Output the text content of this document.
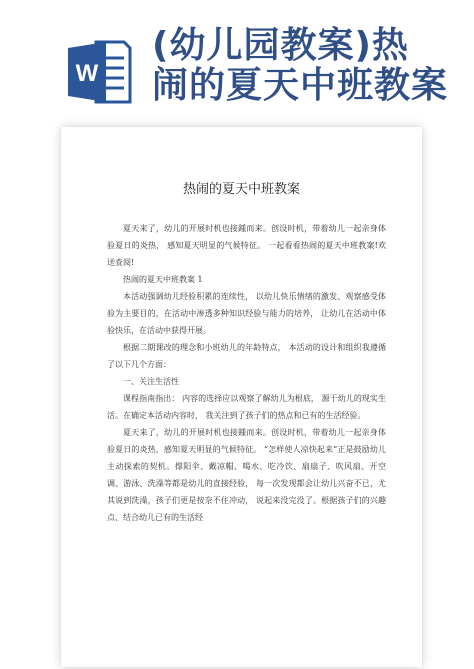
W
(幼儿园教案)热
闹的夏天中班教案
热闹的夏天中班教案

夏天来了，幼儿的开展时机也接踵而来。创设时机，带着幼儿一起亲身体验夏日的炎热， 感知夏天明显的气候特征。 一起看看热闹的夏天中班教案!欢送查阅!

热闹的夏天中班教案 1

本活动强调幼儿经验积累的连续性， 以幼儿快乐情绪的激发、观察感受体验为主要目的，在活动中渗透多种知识经验与能力的培养， 让幼儿在活动中体验快乐，在活动中获得开展。

根据二期课改的理念和小班幼儿的年龄特点， 本活动的设计和组织我遵循了以下几个方面：

一、关注生活性

课程指南指出： 内容的选择应以观察了解幼儿为根底， 源于幼儿的现实生活。在确定本活动内容时， 我关注到了孩子们的热点和已有的生活经验。

夏天来了，幼儿的开展时机也接踵而来。创设时机，带着幼儿一起亲身体验夏日的炎热，感知夏天明显的气候特征。 “怎样使人凉快起来”正是鼓励幼儿主动探索的契机。撑阳伞、戴凉帽、喝水、吃冷饮、扇扇子、吹风扇、开空调、游泳、洗澡等都是幼儿的直接经验， 每一次发现都会让幼儿兴奋不已，尤其说到洗澡，孩子们更是按奈不住冲动， 说起来没完没了。根据孩子们的兴趣点、结合幼儿已有的生活经
